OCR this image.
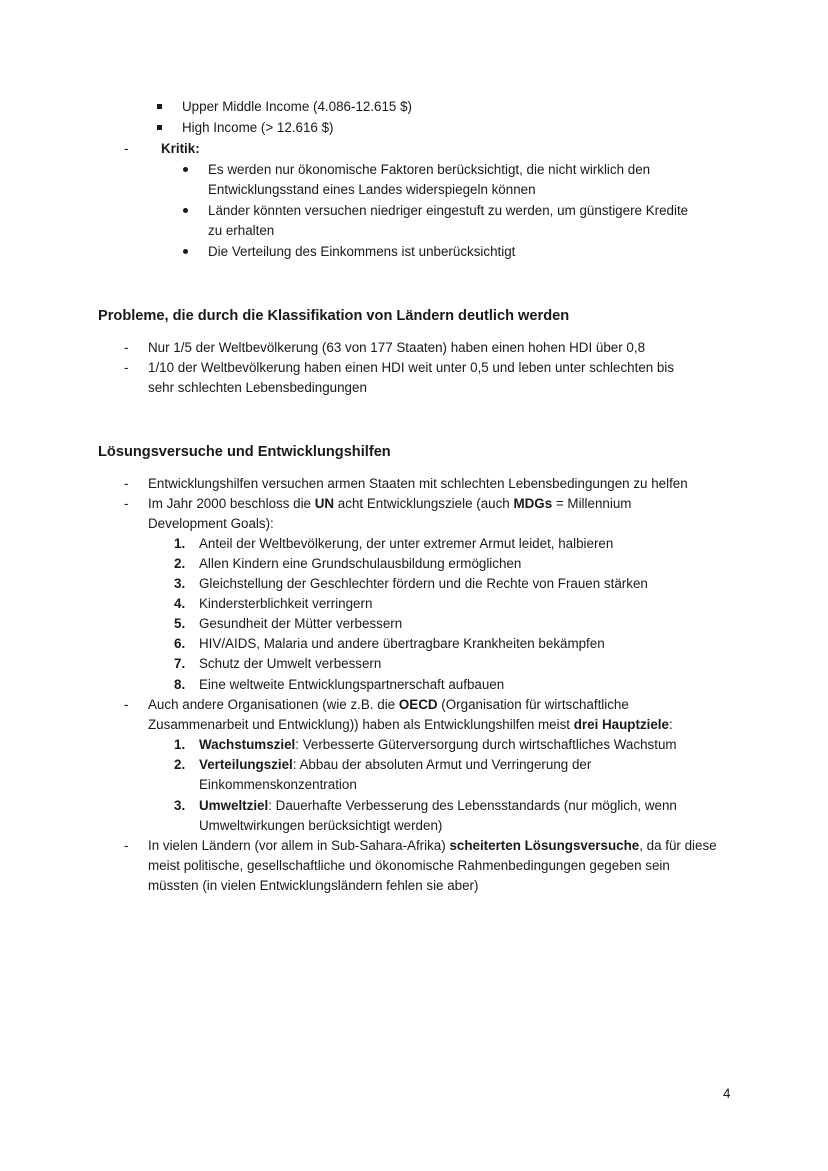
Upper Middle Income (4.086-12.615 $)
High Income (> 12.616 $)
- Kritik:
Es werden nur ökonomische Faktoren berücksichtigt, die nicht wirklich den
Entwicklungsstand eines Landes widerspiegeln können
Länder könnten versuchen niedriger eingestuft zu werden, um günstigere Kredite
zu erhalten
Die Verteilung des Einkommens ist unberücksichtigt
Probleme, die durch die Klassifikation von Ländern deutlich werden
- Nur 1/5 der Weltbevölkerung (63 von 177 Staaten) haben einen hohen HDI über 0,8
- 1/10 der Weltbevölkerung haben einen HDI weit unter 0,5 und leben unter schlechten bis
sehr schlechten Lebensbedingungen
Lösungsversuche und Entwicklungshilfen
- Entwicklungshilfen versuchen armen Staaten mit schlechten Lebensbedingungen zu helfen
- Im Jahr 2000 beschloss die UN acht Entwicklungsziele (auch MDGs = Millennium
Development Goals):
1. Anteil der Weltbevölkerung, der unter extremer Armut leidet, halbieren
2. Allen Kindern eine Grundschulausbildung ermöglichen
3. Gleichstellung der Geschlechter fördern und die Rechte von Frauen stärken
4. Kindersterblichkeit verringern
5. Gesundheit der Mütter verbessern
6. HIV/AIDS, Malaria und andere übertragbare Krankheiten bekämpfen
7. Schutz der Umwelt verbessern
8. Eine weltweite Entwicklungspartnerschaft aufbauen
- Auch andere Organisationen (wie z.B. die OECD (Organisation für wirtschaftliche
Zusammenarbeit und Entwicklung)) haben als Entwicklungshilfen meist drei Hauptziele:
1. Wachstumsziel: Verbesserte Güterversorgung durch wirtschaftliches Wachstum
2. Verteilungsziel: Abbau der absoluten Armut und Verringerung der
Einkommenskonzentration
3. Umweltziel: Dauerhafte Verbesserung des Lebensstandards (nur möglich, wenn
Umweltwirkungen berücksichtigt werden)
- In vielen Ländern (vor allem in Sub-Sahara-Afrika) scheiterten Lösungsversuche, da für diese
meist politische, gesellschaftliche und ökonomische Rahmenbedingungen gegeben sein
müssten (in vielen Entwicklungsländern fehlen sie aber)
4
